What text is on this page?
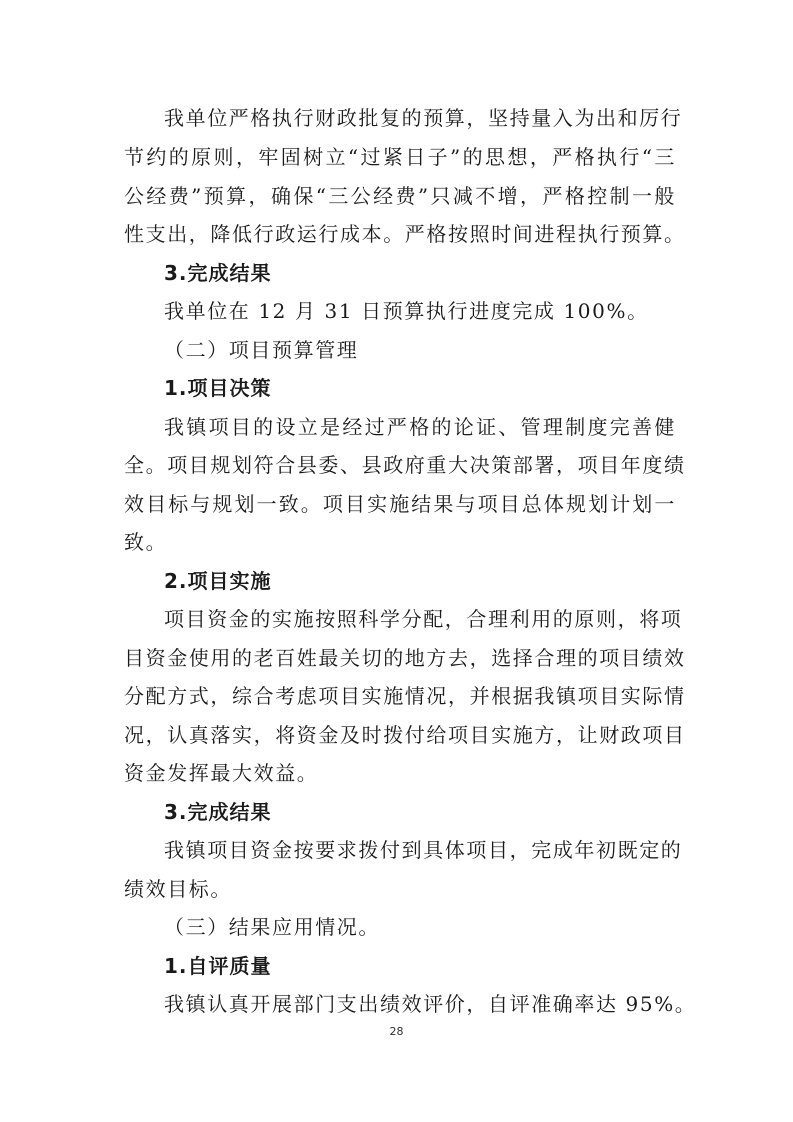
我单位严格执行财政批复的预算，坚持量入为出和厉行
节约的原则，牢固树立“过紧日子”的思想，严格执行“三
公经费”预算，确保“三公经费”只减不增，严格控制一般
性支出，降低行政运行成本。严格按照时间进程执行预算。
3.完成结果
我单位在 12 月 31 日预算执行进度完成 100%。
（二）项目预算管理
1.项目决策
我镇项目的设立是经过严格的论证、管理制度完善健
全。项目规划符合县委、县政府重大决策部署，项目年度绩
效目标与规划一致。项目实施结果与项目总体规划计划一
致。
2.项目实施
项目资金的实施按照科学分配，合理利用的原则，将项
目资金使用的老百姓最关切的地方去，选择合理的项目绩效
分配方式，综合考虑项目实施情况，并根据我镇项目实际情
况，认真落实，将资金及时拨付给项目实施方，让财政项目
资金发挥最大效益。
3.完成结果
我镇项目资金按要求拨付到具体项目，完成年初既定的
绩效目标。
（三）结果应用情况。
1.自评质量
我镇认真开展部门支出绩效评价，自评准确率达 95%。
28
